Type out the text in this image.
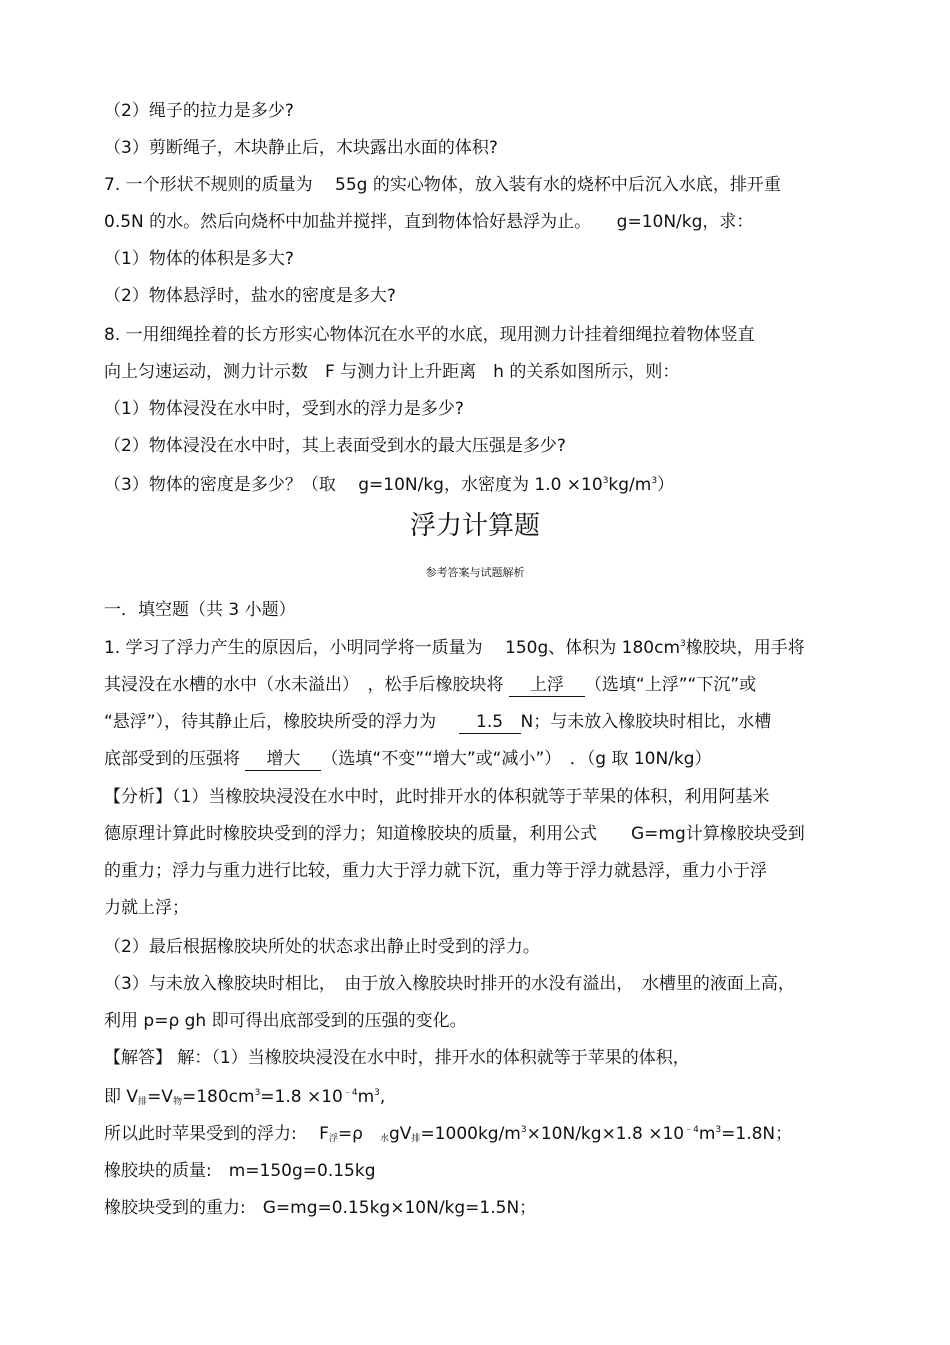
（2）绳子的拉力是多少?
（3）剪断绳子，木块静止后，木块露出水面的体积?
7. 一个形状不规则的质量为　 55g 的实心物体，放入装有水的烧杯中后沉入水底，排开重
0.5N 的水。然后向烧杯中加盐并搅拌，直到物体恰好悬浮为止。　　g=10N/kg，求：
（1）物体的体积是多大?
（2）物体悬浮时，盐水的密度是多大?
8. 一用细绳拴着的长方形实心物体沉在水平的水底，现用测力计挂着细绳拉着物体竖直
向上匀速运动，测力计示数　F 与测力计上升距离　h 的关系如图所示，则：
（1）物体浸没在水中时，受到水的浮力是多少?
（2）物体浸没在水中时，其上表面受到水的最大压强是多少?
（3）物体的密度是多少？（取　 g=10N/kg，水密度为 $1.0 \times 10^3kg/m^3$）
浮力计算题
参考答案与试题解析
一．填空题（共 3 小题）
1. 学习了浮力产生的原因后，小明同学将一质量为　 150g、体积为 $180cm^3$橡胶块，用手将
其浸没在水槽的水中（水未溢出）　，松手后橡胶块将 上浮 （选填“上浮”“下沉”或
“悬浮”），待其静止后，橡胶块所受的浮力为　 1.5 N；与未放入橡胶块时相比，水槽
底部受到的压强将 增大 （选填“不变”“增大”或“减小”）　．（g 取 10N/kg）
【分析】（1）当橡胶块浸没在水中时，此时排开水的体积就等于苹果的体积，利用阿基米
德原理计算此时橡胶块受到的浮力；知道橡胶块的质量，利用公式　　G=mg计算橡胶块受到
的重力；浮力与重力进行比较，重力大于浮力就下沉，重力等于浮力就悬浮，重力小于浮
力就上浮；
（2）最后根据橡胶块所处的状态求出静止时受到的浮力。
（3）与未放入橡胶块时相比，　由于放入橡胶块时排开的水没有溢出，　水槽里的液面上高，
利用 p=ρ gh 即可得出底部受到的压强的变化。
【解答】 解：（1）当橡胶块浸没在水中时，排开水的体积就等于苹果的体积，
即 $V_排=V_物=180cm^3=1.8 \times 10^{﹣4}m^3$,
所以此时苹果受到的浮力:　 $F_浮=\rho$　$_水gV_排=1000kg/m^3\times 10N/kg\times 1.8 \times 10^{﹣4}m^3=1.8N$；
橡胶块的质量:　m=150g=0.15kg
橡胶块受到的重力:　G=mg=0.15kg×10N/kg=1.5N；
